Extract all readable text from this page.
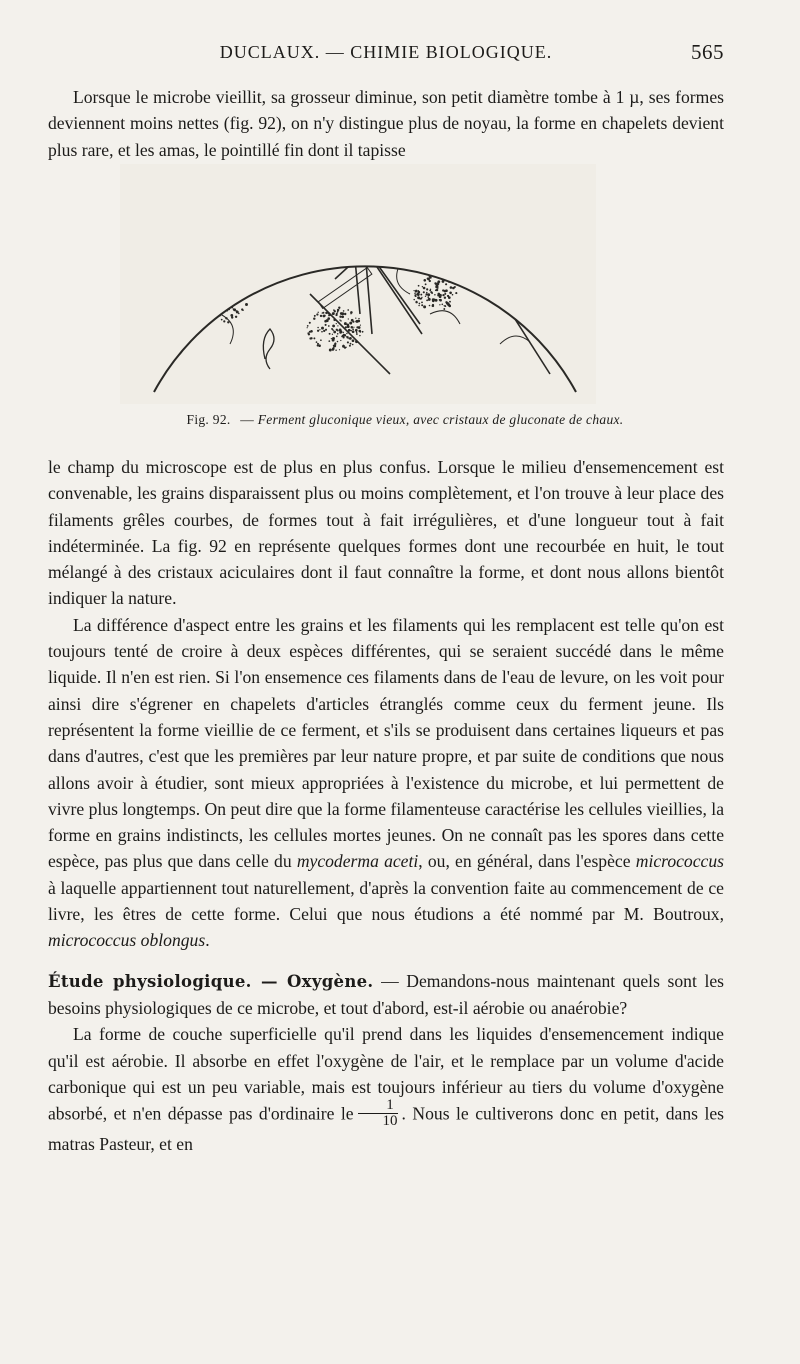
DUCLAUX. — CHIMIE BIOLOGIQUE.	565

Lorsque le microbe vieillit, sa grosseur diminue, son petit diamètre tombe à 1 µ, ses formes deviennent moins nettes (fig. 92), on n'y distingue plus de noyau, la forme en chapelets devient plus rare, et les amas, le pointillé fin dont il tapisse

Fig. 92. — Ferment gluconique vieux, avec cristaux de gluconate de chaux.

le champ du microscope est de plus en plus confus. Lorsque le milieu d'ensemencement est convenable, les grains disparaissent plus ou moins complètement, et l'on trouve à leur place des filaments grêles courbes, de formes tout à fait irrégulières, et d'une longueur tout à fait indéterminée. La fig. 92 en représente quelques formes dont une recourbée en huit, le tout mélangé à des cristaux aciculaires dont il faut connaître la forme, et dont nous allons bientôt indiquer la nature.

La différence d'aspect entre les grains et les filaments qui les remplacent est telle qu'on est toujours tenté de croire à deux espèces différentes, qui se seraient succédé dans le même liquide. Il n'en est rien. Si l'on ensemence ces filaments dans de l'eau de levure, on les voit pour ainsi dire s'égrener en chapelets d'articles étranglés comme ceux du ferment jeune. Ils représentent la forme vieillie de ce ferment, et s'ils se produisent dans certaines liqueurs et pas dans d'autres, c'est que les premières par leur nature propre, et par suite de conditions que nous allons avoir à étudier, sont mieux appropriées à l'existence du microbe, et lui permettent de vivre plus longtemps. On peut dire que la forme filamenteuse caractérise les cellules vieillies, la forme en grains indistincts, les cellules mortes jeunes. On ne connaît pas les spores dans cette espèce, pas plus que dans celle du mycoderma aceti, ou, en général, dans l'espèce micrococcus à laquelle appartiennent tout naturellement, d'après la convention faite au commencement de ce livre, les êtres de cette forme. Celui que nous étudions a été nommé par M. Boutroux, micrococcus oblongus.

Étude physiologique. — Oxygène. — Demandons-nous maintenant quels sont les besoins physiologiques de ce microbe, et tout d'abord, est-il aérobie ou anaérobie?

La forme de couche superficielle qu'il prend dans les liquides d'ensemencement indique qu'il est aérobie. Il absorbe en effet l'oxygène de l'air, et le remplace par un volume d'acide carbonique qui est un peu variable, mais est toujours inférieur au tiers du volume d'oxygène absorbé, et n'en dépasse pas d'ordinaire le $\frac{1}{10}$ . Nous le cultiverons donc en petit, dans les matras Pasteur, et en
